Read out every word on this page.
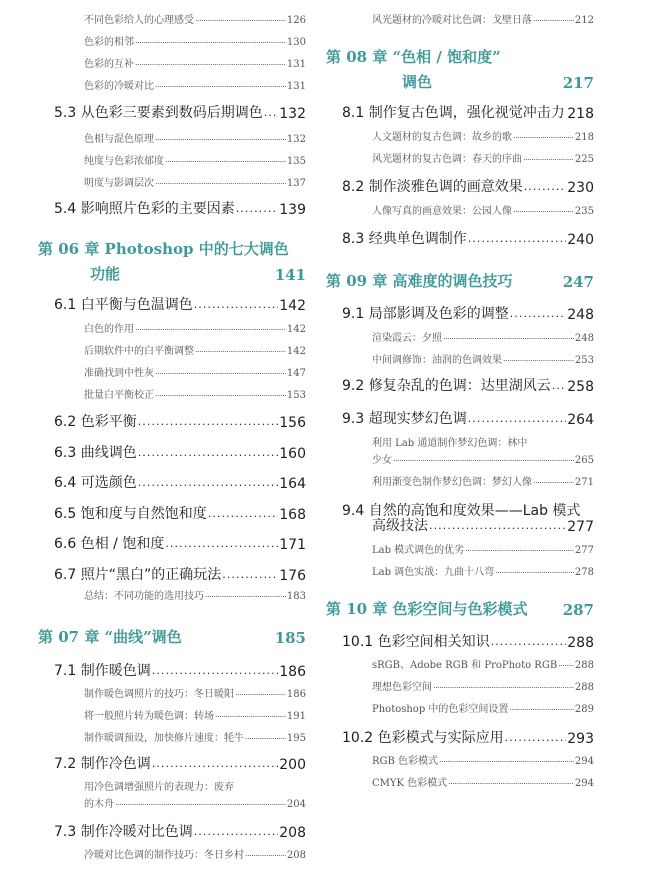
不同色彩给人的心理感受 . . .	126
色彩的相邻 . . .	130
色彩的互补 . . .	131
色彩的冷暖对比 . . .	131
5.3 从色彩三要素到数码后期调色 . . . 132
色相与混色原理 . . .	132
纯度与色彩浓郁度 . . .	135
明度与影调层次 . . .	137
5.4 影响照片色彩的主要因素 . . .	139
第 06 章 Photoshop 中的七大调色
功能	141
6.1 白平衡与色温调色 . . .	142
白色的作用 . . .	142
后期软件中的白平衡调整 . . .	142
准确找到中性灰 . . .	147
批量白平衡校正 . . .	153
6.2 色彩平衡 . . .	156
6.3 曲线调色 . . .	160
6.4 可选颜色 . . .	164
6.5 饱和度与自然饱和度 . . .	168
6.6 色相 / 饱和度 . . .	171
6.7 照片“黑白”的正确玩法 . . .	176
总结：不同功能的选用技巧 . . .	183
第 07 章 “曲线”调色	185
7.1 制作暖色调 . . .	186
制作暖色调照片的技巧：冬日暖阳 . . .	186
将一般照片转为暖色调：转场 . . .	191
制作暖调预设，加快修片速度：牦牛 . . .	195
7.2 制作冷色调 . . .	200
用冷色调增强照片的表现力：废弃
的木舟 . . .	204
7.3 制作冷暖对比色调 . . .	208
冷暖对比色调的制作技巧：冬日乡村 . . .	208
风光题材的冷暖对比色调：戈壁日落 . . .	212
第 08 章 “色相 / 饱和度”
调色	217
8.1 制作复古色调，强化视觉冲击力 . . . 218
人文题材的复古色调：故乡的歌 . . .	218
风光题材的复古色调：春天的序曲 . . .	225
8.2 制作淡雅色调的画意效果 . . .	230
人像写真的画意效果：公园人像 . . .	235
8.3 经典单色调制作 . . .	240
第 09 章 高难度的调色技巧	247
9.1 局部影调及色彩的调整 . . .	248
渲染霞云：夕照 . . .	248
中间调修饰：油润的色调效果 . . .	253
9.2 修复杂乱的色调：达里湖风云 . . . 258
9.3 超现实梦幻色调 . . .	264
利用 Lab 通道制作梦幻色调：林中
少女 . . .	265
利用渐变色制作梦幻色调：梦幻人像 . . .	271
9.4 自然的高饱和度效果——Lab 模式
高级技法 . . .	277
Lab 模式调色的优劣 . . .	277
Lab 调色实战：九曲十八弯 . . .	278
第 10 章 色彩空间与色彩模式 287
10.1 色彩空间相关知识 . . .	288
sRGB、Adobe RGB 和 ProPhoto RGB . . . 288
理想色彩空间 . . .	288
Photoshop 中的色彩空间设置 . . .	289
10.2 色彩模式与实际应用 . . .	293
RGB 色彩模式 . . .	294
CMYK 色彩模式 . . .	294
